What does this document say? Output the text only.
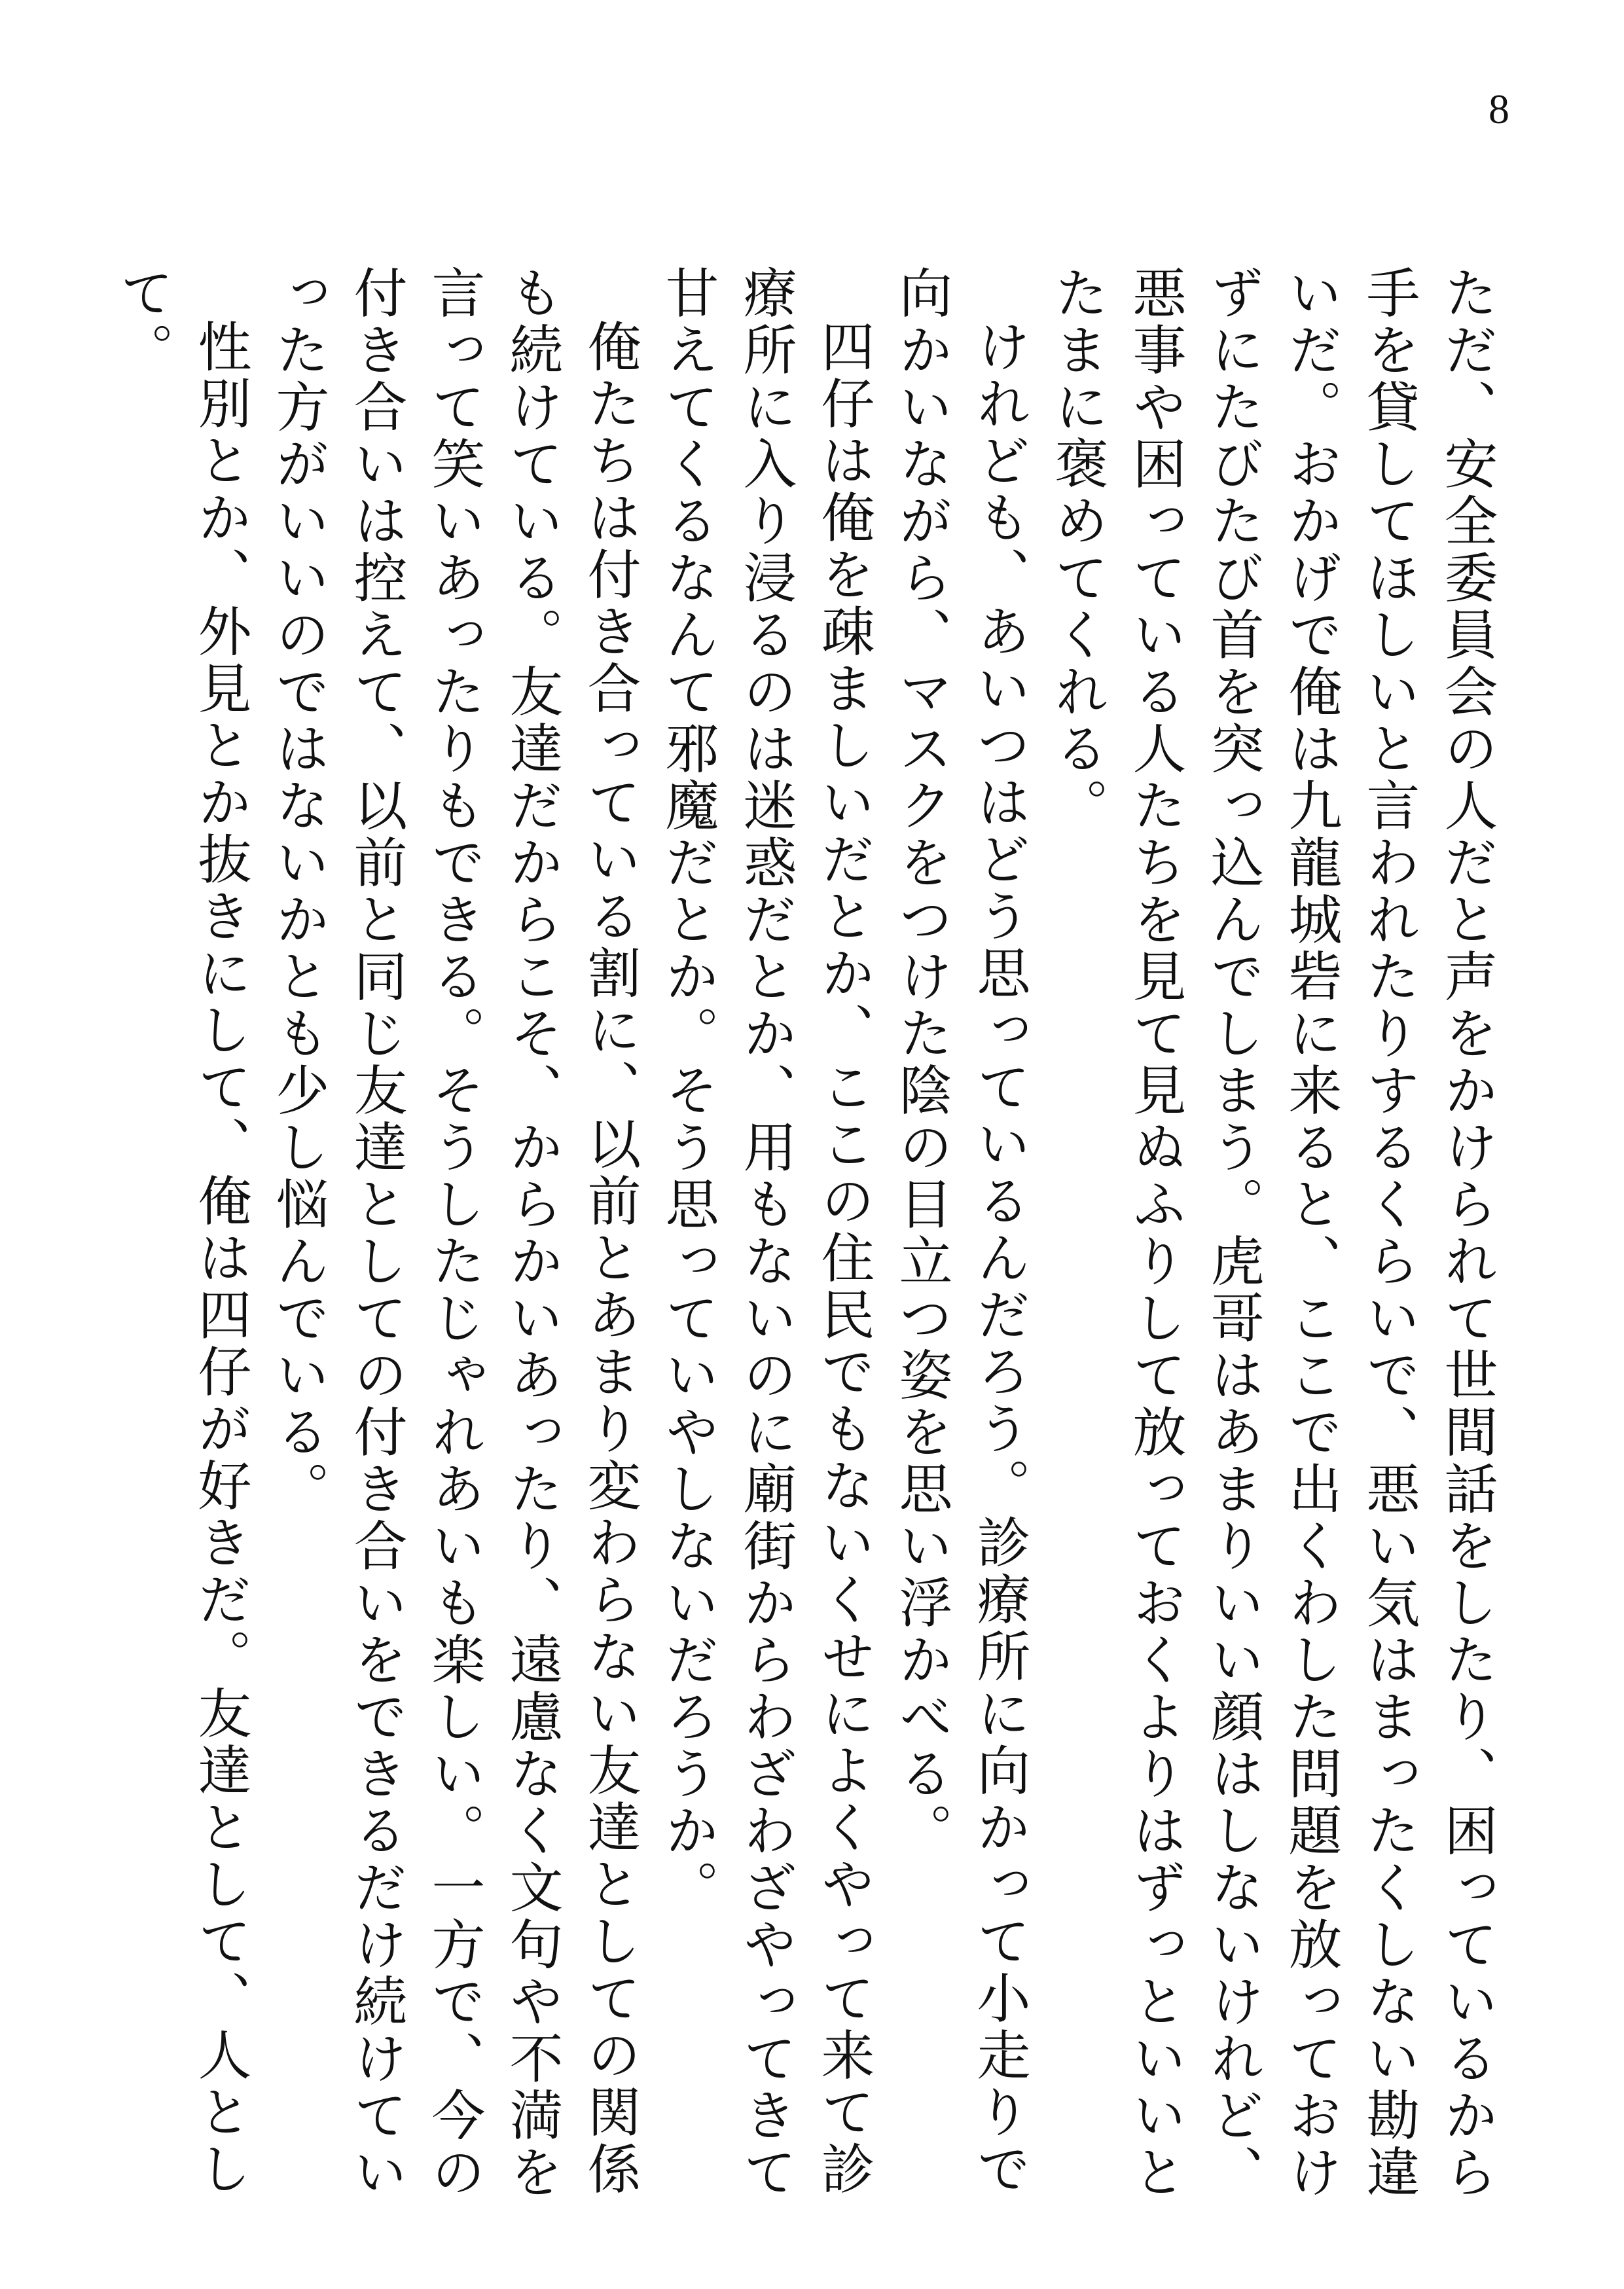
8

ただ、安全委員会の人だと声をかけられて世間話をしたり、困っているから手を貸してほしいと言われたりするくらいで、悪い気はまったくしない勘違いだ。おかげで俺は九龍城砦に来ると、ここで出くわした問題を放っておけずにたびたび首を突っ込んでしまう。虎哥はあまりいい顔はしないけれど、悪事や困っている人たちを見て見ぬふりして放っておくよりはずっといいとたまに褒めてくれる。

けれども、あいつはどう思っているんだろう。診療所に向かって小走りで向かいながら、マスクをつけた陰の目立つ姿を思い浮かべる。

四仔は俺を疎ましいだとか、ここの住民でもないくせによくやって来て診療所に入り浸るのは迷惑だとか、用もないのに廟街からわざわざやってきて甘えてくるなんて邪魔だとか。そう思っていやしないだろうか。

俺たちは付き合っている割に、以前とあまり変わらない友達としての関係も続けている。友達だからこそ、からかいあったり、遠慮なく文句や不満を言って笑いあったりもできる。そうしたじゃれあいも楽しい。一方で、今の付き合いは控えて、以前と同じ友達としての付き合いをできるだけ続けていった方がいいのではないかとも少し悩んでいる。

性別とか、外見とか抜きにして、俺は四仔が好きだ。友達として、人として。
